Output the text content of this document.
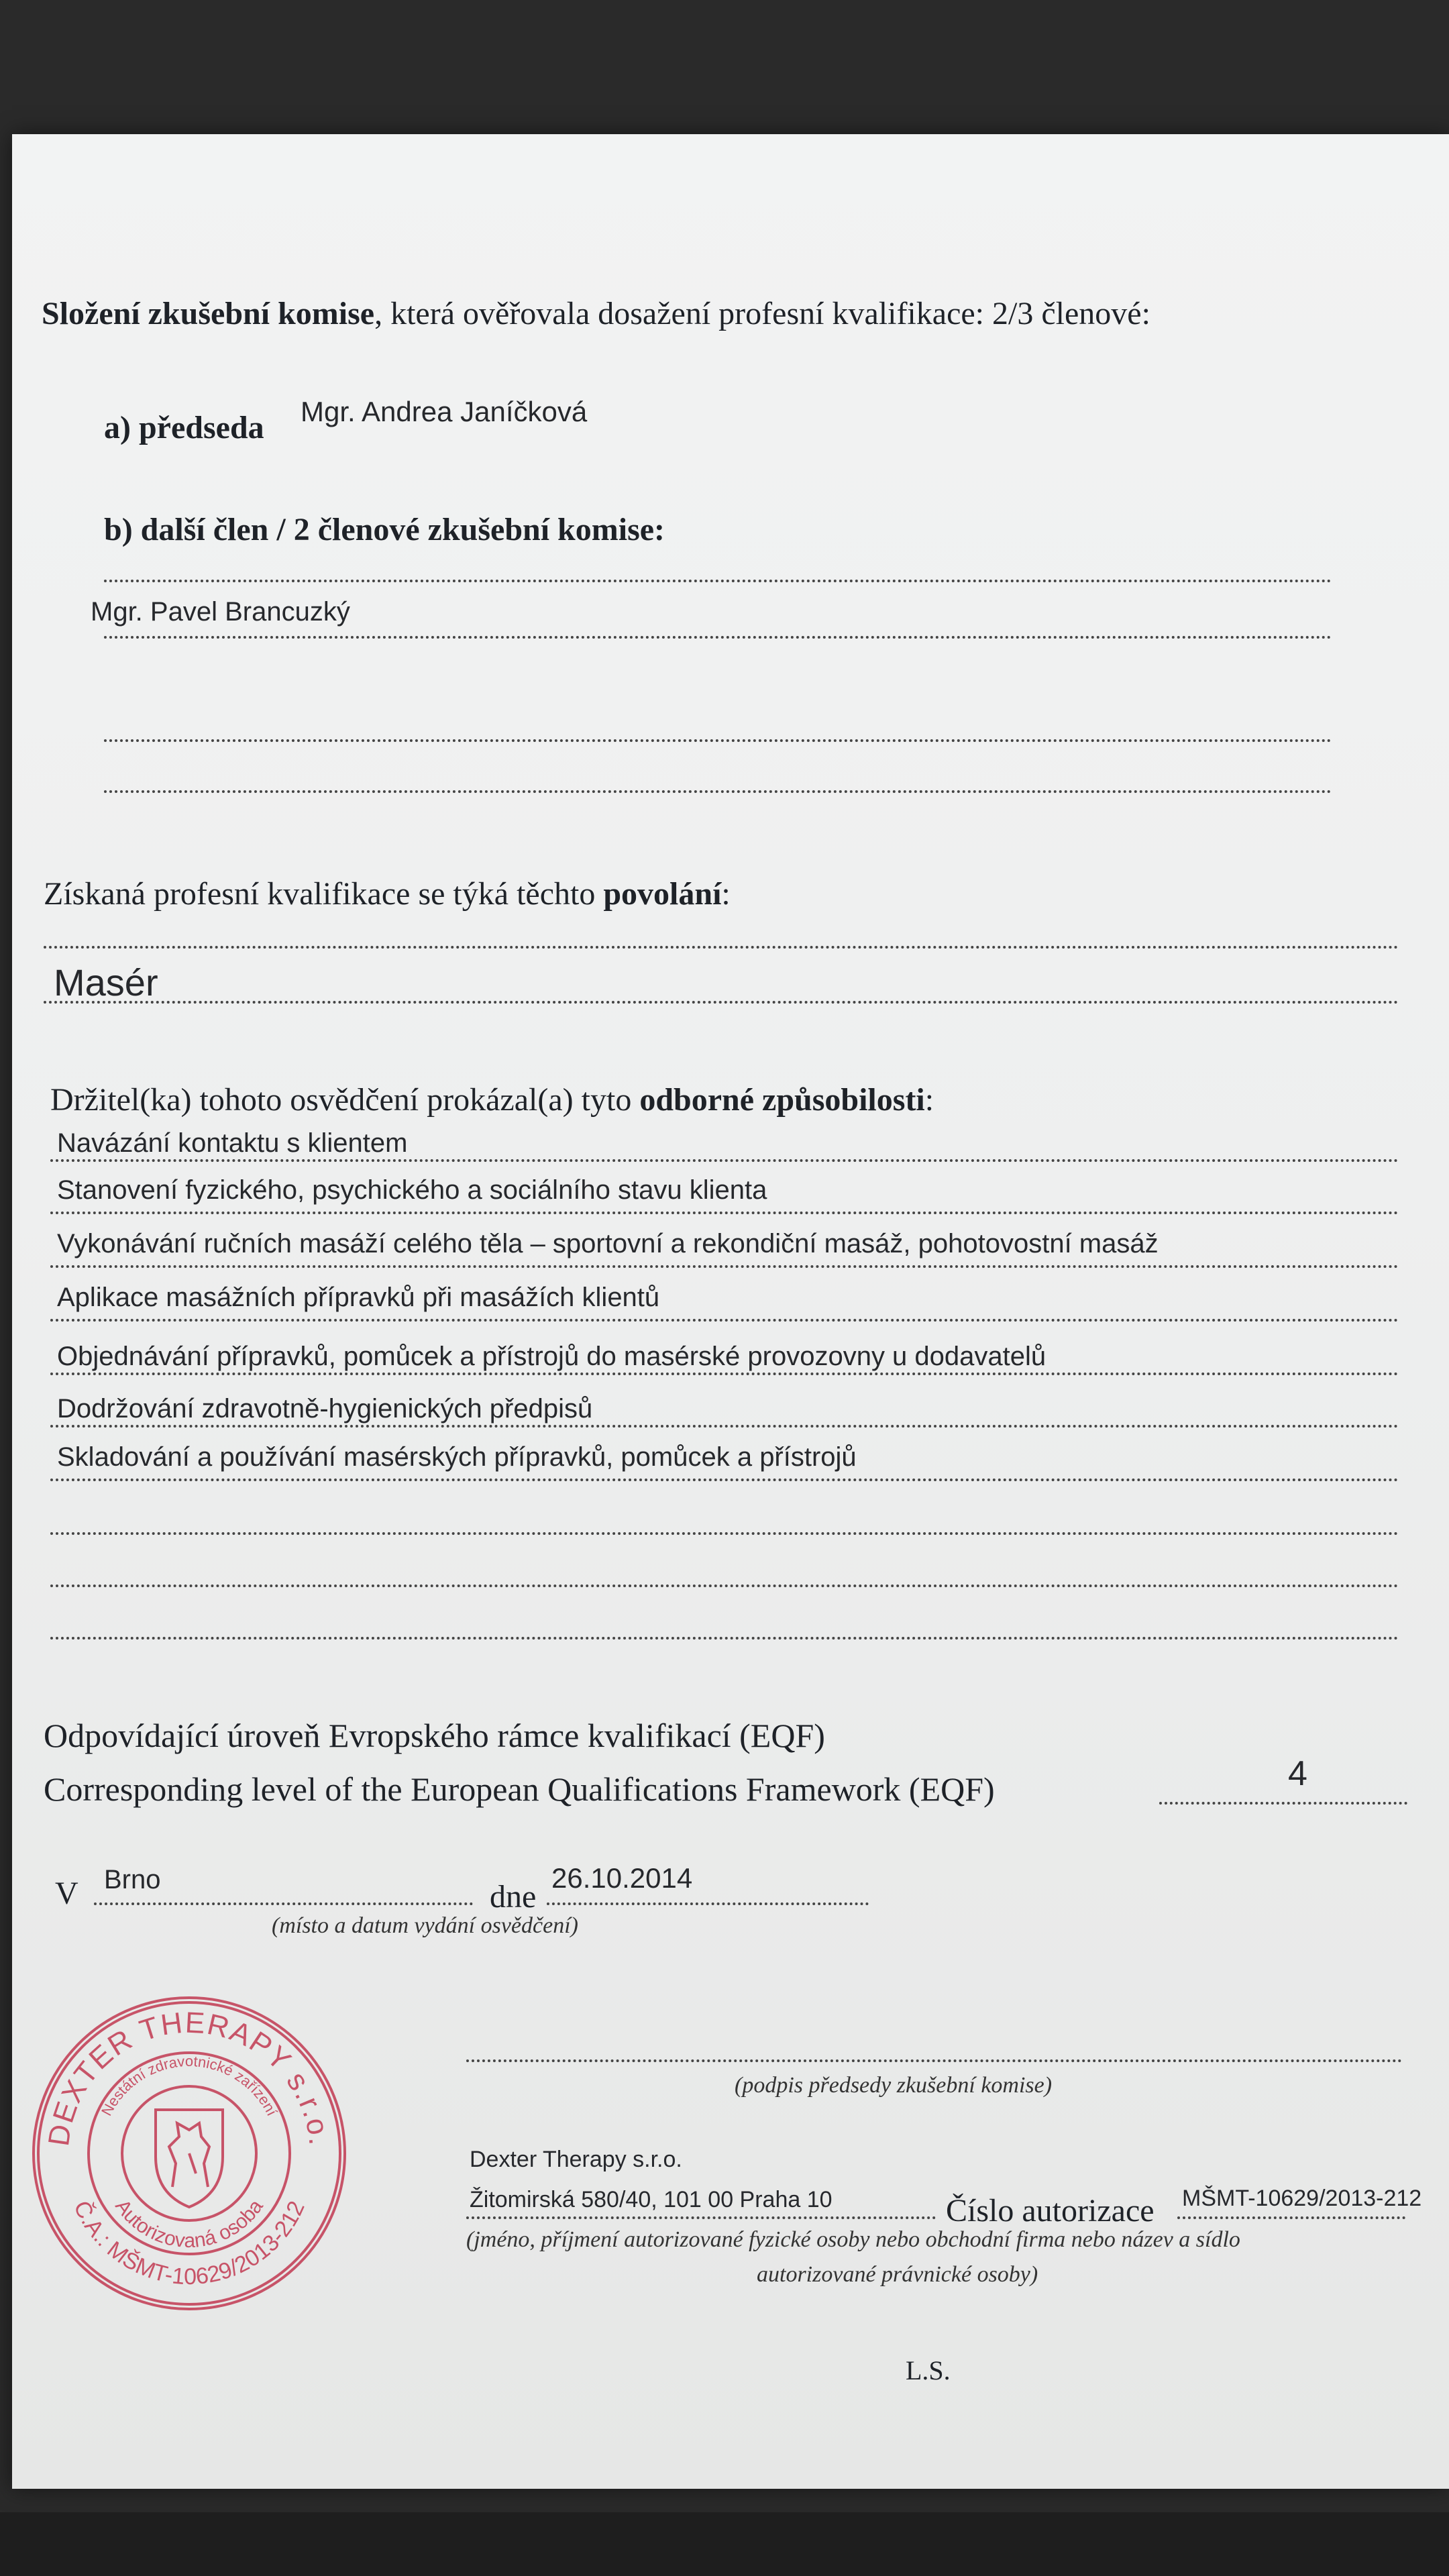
Složení zkušební komise, která ověřovala dosažení profesní kvalifikace: 2/3 členové:
a) předseda Mgr. Andrea Janíčková
b) další člen / 2 členové zkušební komise:
Mgr. Pavel Brancuzký
Získaná profesní kvalifikace se týká těchto povolání:
Masér
Držitel(ka) tohoto osvědčení prokázal(a) tyto odborné způsobilosti:
Navázání kontaktu s klientem
Stanovení fyzického, psychického a sociálního stavu klienta
Vykonávání ručních masáží celého těla – sportovní a rekondiční masáž, pohotovostní masáž
Aplikace masážních přípravků při masážích klientů
Objednávání přípravků, pomůcek a přístrojů do masérské provozovny u dodavatelů
Dodržování zdravotně-hygienických předpisů
Skladování a používání masérských přípravků, pomůcek a přístrojů
Odpovídající úroveň Evropského rámce kvalifikací (EQF)
Corresponding level of the European Qualifications Framework (EQF)	4
V Brno	dne
26.10.2014
(místo a datum vydání osvědčení)
(podpis předsedy zkušební komise)
Dexter Therapy s.r.o.
Žitomirská 580/40, 101 00 Praha 10	Číslo autorizace MŠMT-10629/2013-212
(jméno, příjmení autorizované fyzické osoby nebo obchodní firma nebo název a sídlo
autorizované právnické osoby)
L.S.
DEXTER THERAPY s.r.o.
Č.A.: MŠMT-10629/2013-212
Nestátní zdravotnické zařízení
Autorizovaná osoba
